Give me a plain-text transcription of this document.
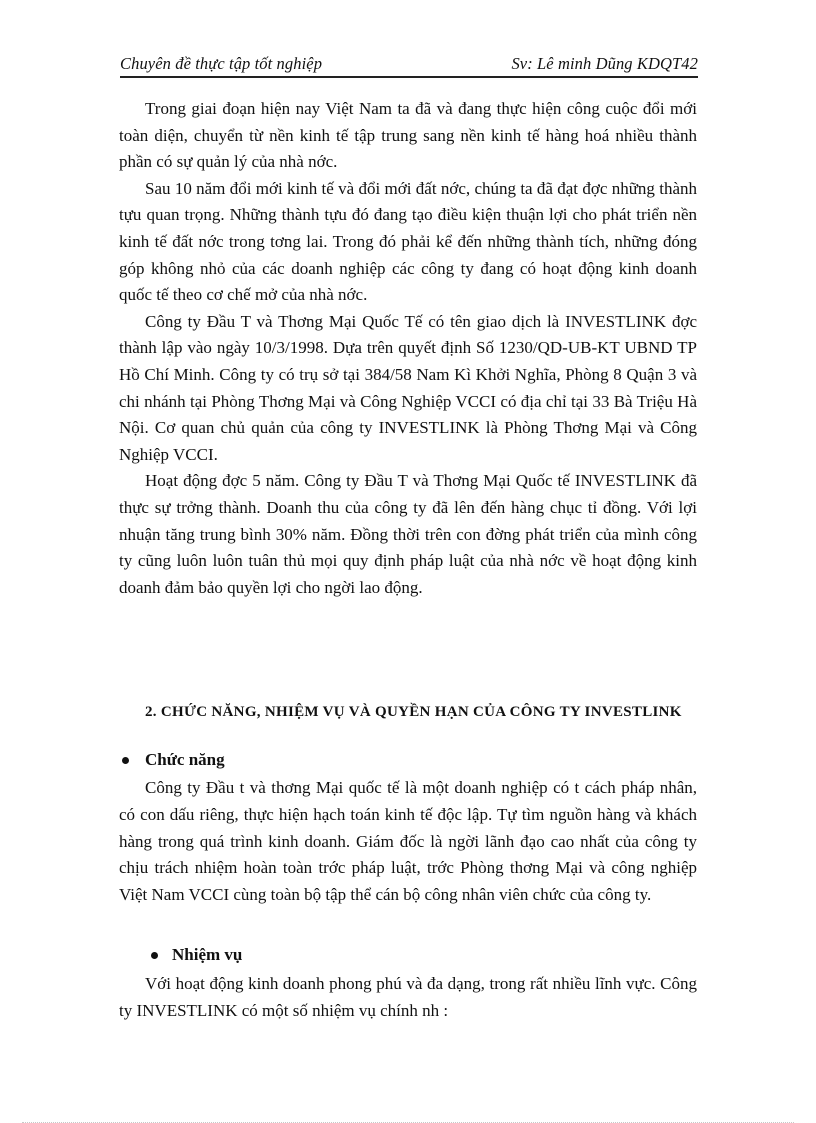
Chuyên đề thực tập tốt nghiệp	Sv: Lê minh Dũng KDQT42

Trong giai đoạn hiện nay Việt Nam ta đã và đang thực hiện công cuộc đổi mới toàn diện, chuyển từ nền kinh tế tập trung sang nền kinh tế hàng hoá nhiều thành phần có sự quản lý của nhà nớc.

Sau 10 năm đổi mới kinh tế và đổi mới đất nớc, chúng ta đã đạt đợc những thành tựu quan trọng. Những thành tựu đó đang tạo điều kiện thuận lợi cho phát triển nền kinh tế đất nớc trong tơng lai. Trong đó phải kể đến những thành tích, những đóng góp không nhỏ của các doanh nghiệp các công ty đang có hoạt động kinh doanh quốc tế theo cơ chế mở của nhà nớc.

Công ty Đầu T và Thơng Mại Quốc Tế có tên giao dịch là INVESTLINK đợc thành lập vào ngày 10/3/1998. Dựa trên quyết định Số 1230/QD-UB-KT UBND TP Hồ Chí Minh. Công ty có trụ sở tại 384/58 Nam Kì Khởi Nghĩa, Phòng 8 Quận 3 và chi nhánh tại Phòng Thơng Mại và Công Nghiệp VCCI có địa chỉ tại 33 Bà Triệu Hà Nội. Cơ quan chủ quản của công ty INVESTLINK là Phòng Thơng Mại và Công Nghiệp VCCI.

Hoạt động đợc 5 năm. Công ty Đầu T và Thơng Mại Quốc tế INVESTLINK đã thực sự trởng thành. Doanh thu của công ty đã lên đến hàng chục tỉ đồng. Với lợi nhuận tăng trung bình 30% năm. Đồng thời trên con đờng phát triển của mình công ty cũng luôn luôn tuân thủ mọi quy định pháp luật của nhà nớc về hoạt động kinh doanh đảm bảo quyền lợi cho ngời lao động.

2. CHỨC NĂNG, NHIỆM VỤ VÀ QUYỀN HẠN CỦA CÔNG TY INVESTLINK
Chức năng

Công ty Đầu t và thơng Mại quốc tế là một doanh nghiệp có t cách pháp nhân, có con dấu riêng, thực hiện hạch toán kinh tế độc lập. Tự tìm nguồn hàng và khách hàng trong quá trình kinh doanh. Giám đốc là ngời lãnh đạo cao nhất của công ty chịu trách nhiệm hoàn toàn trớc pháp luật, trớc Phòng thơng Mại và công nghiệp Việt Nam VCCI cùng toàn bộ tập thể cán bộ công nhân viên chức của công ty.

Nhiệm vụ

Với hoạt động kinh doanh phong phú và đa dạng, trong rất nhiều lĩnh vực. Công ty INVESTLINK có một số nhiệm vụ chính nh :
